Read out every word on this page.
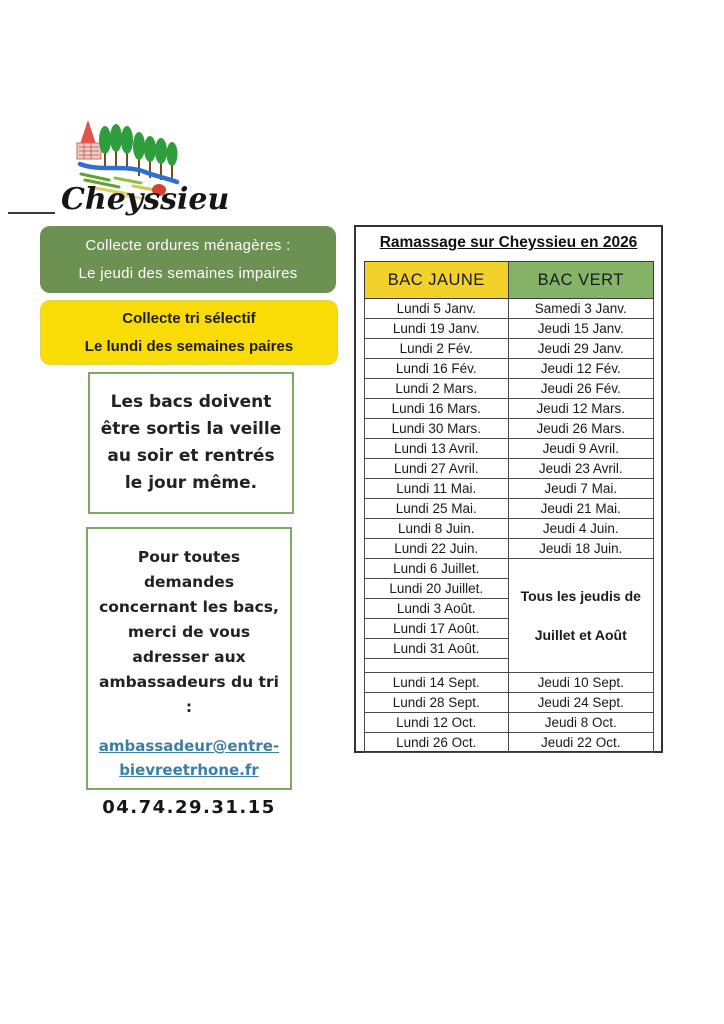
Cheyssieu
Collecte ordures ménagères :
Le jeudi des semaines impaires
Collecte tri sélectif
Le lundi des semaines paires
Les bacs doivent être sortis la veille au soir et rentrés le jour même.

Pour toutes demandes concernant les bacs, merci de vous adresser aux ambassadeurs du tri :

ambassadeur@entre-
bievreetrhone.fr
04.74.29.31.15
Ramassage sur Cheyssieu en 2026
BAC JAUNE	BAC VERT
Lundi 5 Janv.	Samedi 3 Janv.
Lundi 19 Janv.	Jeudi 15 Janv.
Lundi 2 Fév.	Jeudi 29 Janv.
Lundi 16 Fév.	Jeudi 12 Fév.
Lundi 2 Mars.	Jeudi 26 Fév.
Lundi 16 Mars.	Jeudi 12 Mars.
Lundi 30 Mars.	Jeudi 26 Mars.
Lundi 13 Avril.	Jeudi 9 Avril.
Lundi 27 Avril.	Jeudi 23 Avril.
Lundi 11 Mai.	Jeudi 7 Mai.
Lundi 25 Mai.	Jeudi 21 Mai.
Lundi 8 Juin.	Jeudi 4 Juin.
Lundi 22 Juin.	Jeudi 18 Juin.
Lundi 6 Juillet.	Tous les jeudis de
Juillet et Août

Lundi 20 Juillet.	
Lundi 3 Août.	
Lundi 17 Août.	
Lundi 31 Août.	

Lundi 14 Sept.	Jeudi 10 Sept.
Lundi 28 Sept.	Jeudi 24 Sept.
Lundi 12 Oct.	Jeudi 8 Oct.
Lundi 26 Oct.	Jeudi 22 Oct.
